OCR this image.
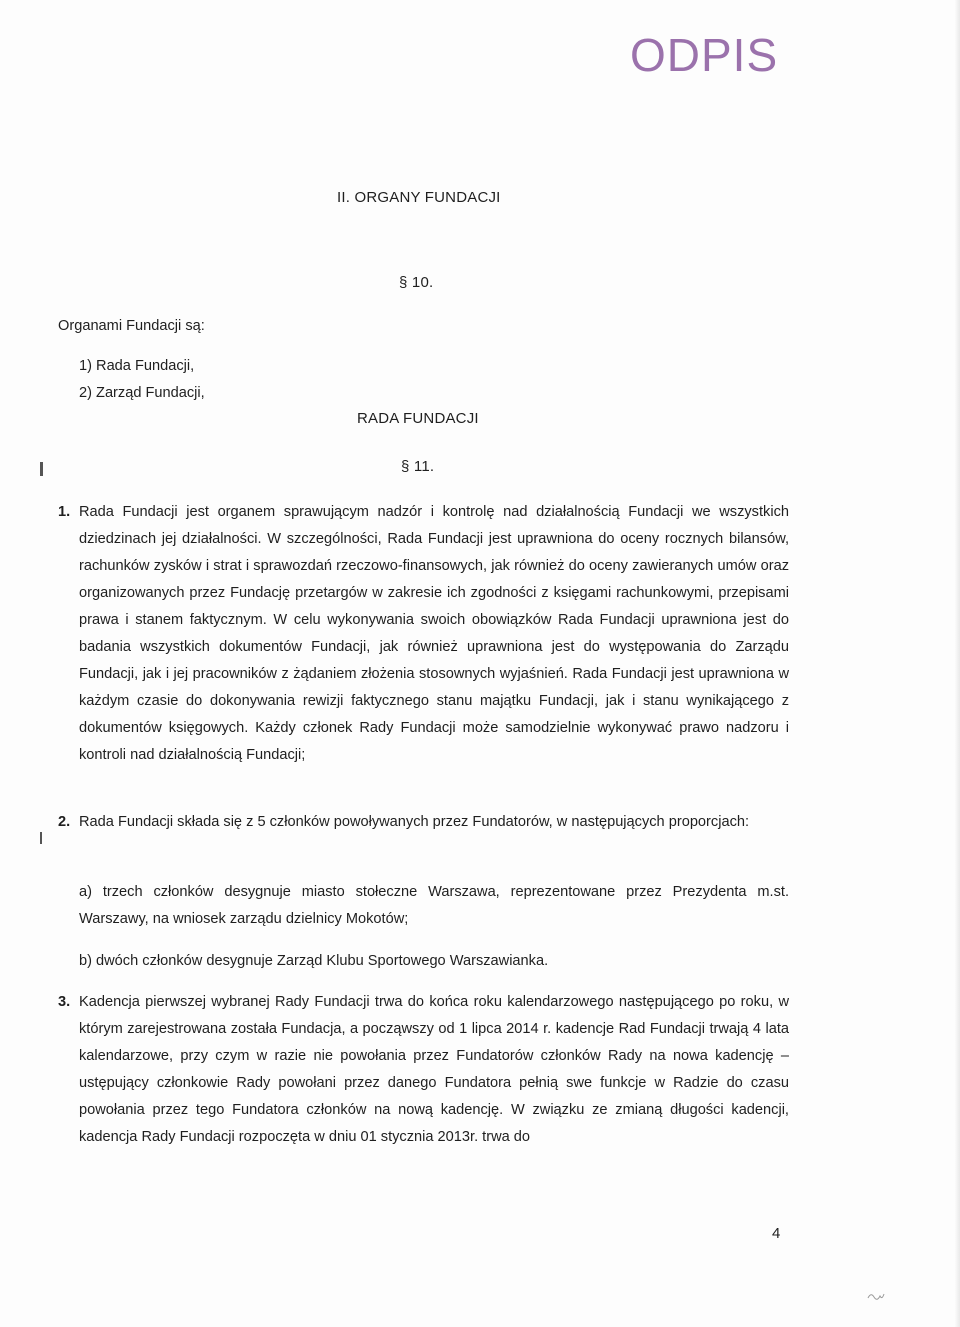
ODPIS
II. ORGANY FUNDACJI
§ 10.
Organami Fundacji są:
1) Rada Fundacji,
2) Zarząd Fundacji,
RADA FUNDACJI
§ 11.
1. Rada Fundacji jest organem sprawującym nadzór i kontrolę nad działalnością Fundacji we wszystkich dziedzinach jej działalności. W szczególności, Rada Fundacji jest uprawniona do oceny rocznych bilansów, rachunków zysków i strat i sprawozdań rzeczowo-finansowych, jak również do oceny zawieranych umów oraz organizowanych przez Fundację przetargów w zakresie ich zgodności z księgami rachunkowymi, przepisami prawa i stanem faktycznym. W celu wykonywania swoich obowiązków Rada Fundacji uprawniona jest do badania wszystkich dokumentów Fundacji, jak również uprawniona jest do występowania do Zarządu Fundacji, jak i jej pracowników z żądaniem złożenia stosownych wyjaśnień. Rada Fundacji jest uprawniona w każdym czasie do dokonywania rewizji faktycznego stanu majątku Fundacji, jak i stanu wynikającego z dokumentów księgowych. Każdy członek Rady Fundacji może samodzielnie wykonywać prawo nadzoru i kontroli nad działalnością Fundacji;
2. Rada Fundacji składa się z 5 członków powoływanych przez Fundatorów, w następujących proporcjach:
a) trzech członków desygnuje miasto stołeczne Warszawa, reprezentowane przez Prezydenta m.st. Warszawy, na wniosek zarządu dzielnicy Mokotów;
b) dwóch członków desygnuje Zarząd Klubu Sportowego Warszawianka.
3. Kadencja pierwszej wybranej Rady Fundacji trwa do końca roku kalendarzowego następującego po roku, w którym zarejestrowana została Fundacja, a począwszy od 1 lipca 2014 r. kadencje Rad Fundacji trwają 4 lata kalendarzowe, przy czym w razie nie powołania przez Fundatorów członków Rady na nowa kadencję – ustępujący członkowie Rady powołani przez danego Fundatora pełnią swe funkcje w Radzie do czasu powołania przez tego Fundatora członków na nową kadencję. W związku ze zmianą długości kadencji, kadencja Rady Fundacji rozpoczęta w dniu 01 stycznia 2013r. trwa do
4
